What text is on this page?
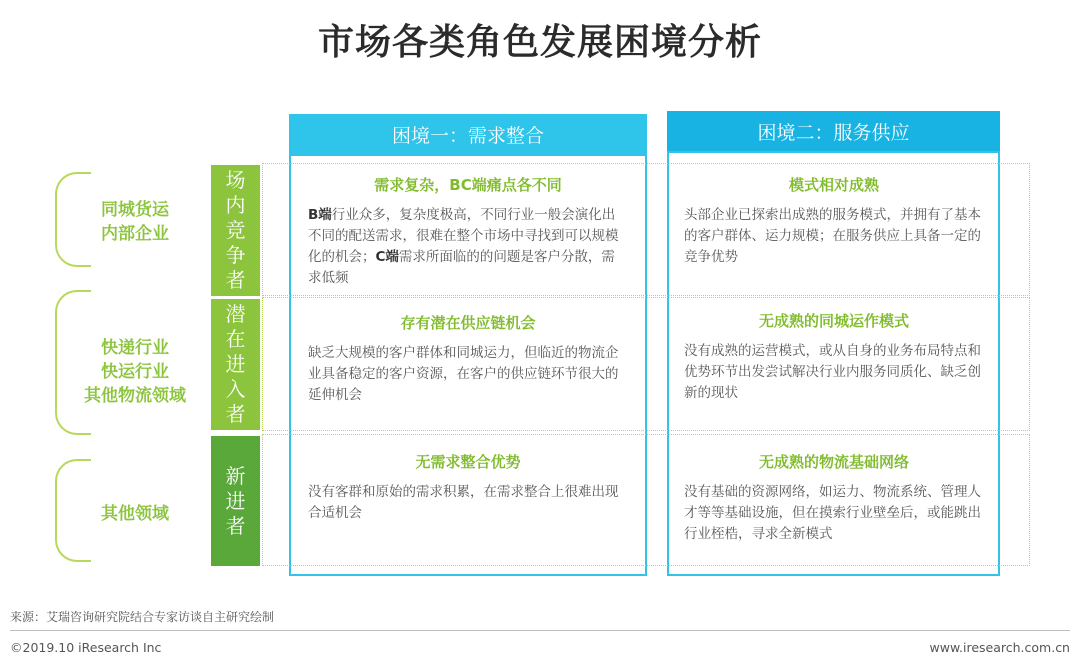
市场各类角色发展困境分析
困境一：需求整合	困境二：服务供应
同城货运
内部企业
快递行业
快运行业
其他物流领域
其他领域
场
内
竞
争
者
潜
在
进
入
者
新
进
者
需求复杂，BC端痛点各不同
B端行业众多，复杂度极高，不同行业一般会演化出不同的配送需求，很难在整个市场中寻找到可以规模化的机会；C端需求所面临的的问题是客户分散，需求低频
模式相对成熟
头部企业已探索出成熟的服务模式，并拥有了基本的客户群体、运力规模；在服务供应上具备一定的竞争优势
存有潜在供应链机会
缺乏大规模的客户群体和同城运力，但临近的物流企业具备稳定的客户资源，在客户的供应链环节很大的延伸机会
无成熟的同城运作模式
没有成熟的运营模式，或从自身的业务布局特点和优势环节出发尝试解决行业内服务同质化、缺乏创新的现状
无需求整合优势
没有客群和原始的需求积累，在需求整合上很难出现合适机会
无成熟的物流基础网络
没有基础的资源网络，如运力、物流系统、管理人才等等基础设施，但在摸索行业壁垒后，或能跳出行业桎梏，寻求全新模式
来源：艾瑞咨询研究院结合专家访谈自主研究绘制
©2019.10 iResearch Inc	www.iresearch.com.cn
